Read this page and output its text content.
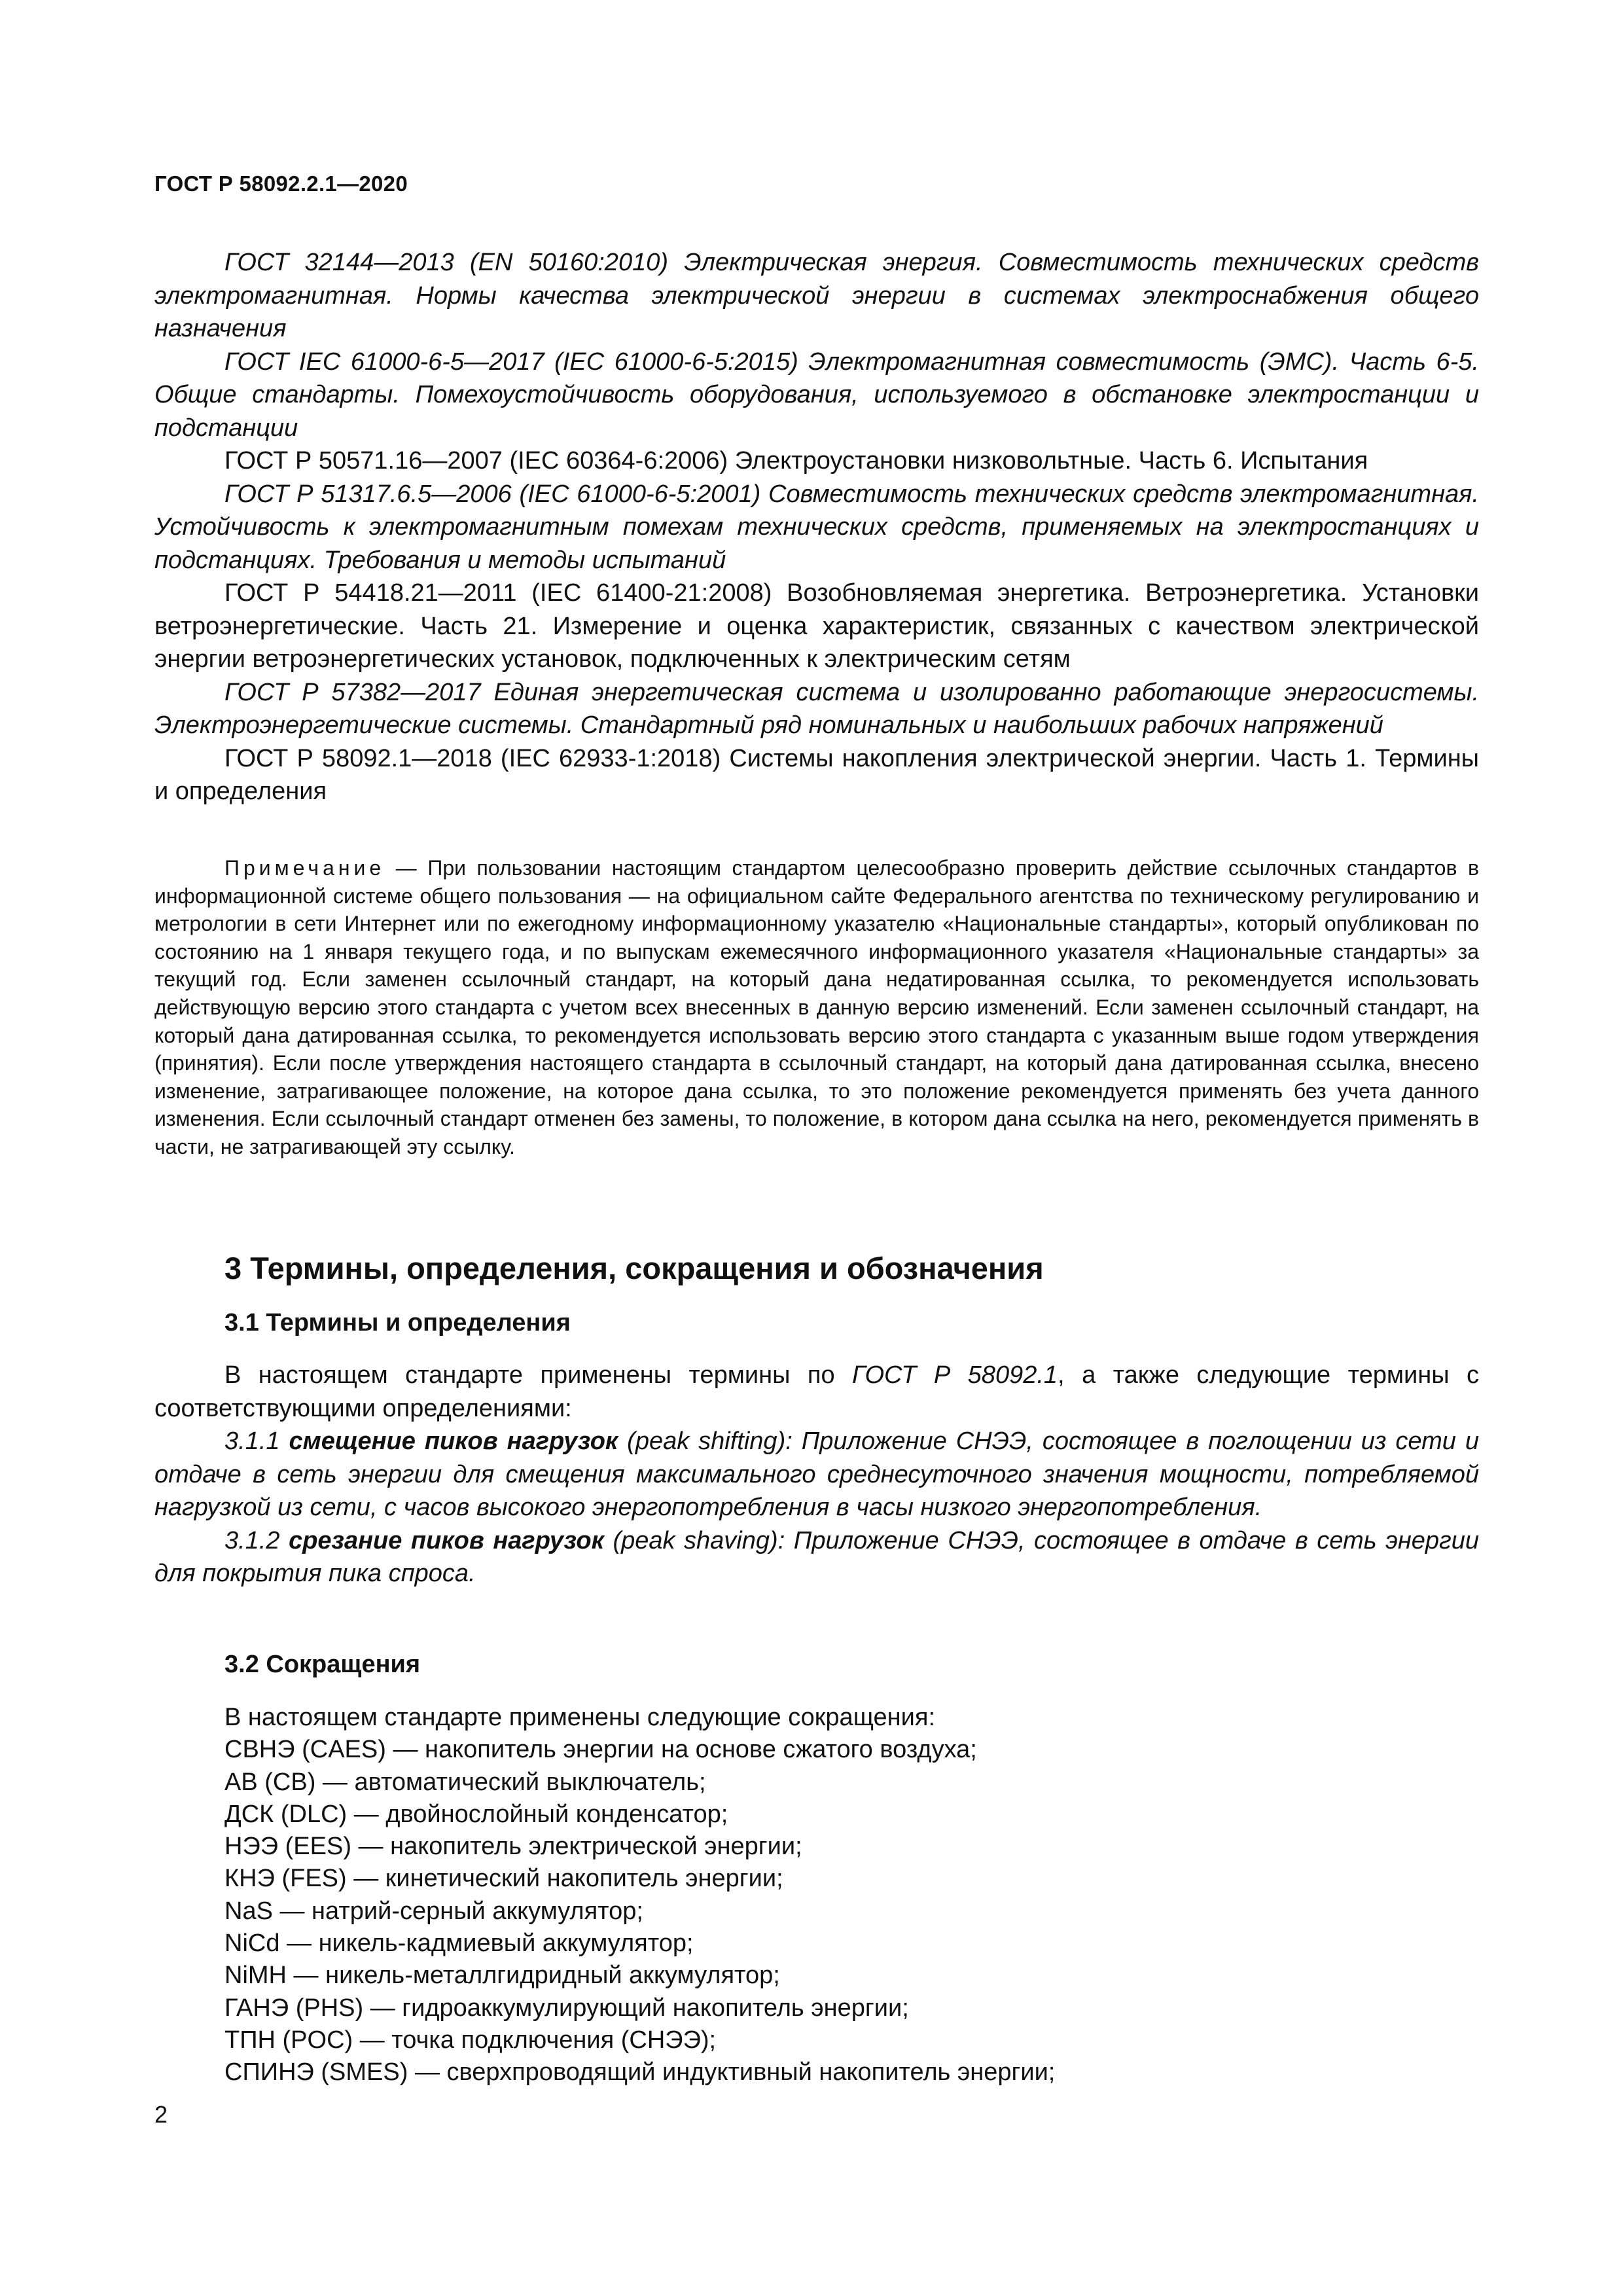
ГОСТ Р 58092.2.1—2020

ГОСТ 32144—2013 (EN 50160:2010) Электрическая энергия. Совместимость технических средств электромагнитная. Нормы качества электрической энергии в системах электроснабжения общего назначения

ГОСТ IEC 61000-6-5—2017 (IEC 61000-6-5:2015) Электромагнитная совместимость (ЭМС). Часть 6-5. Общие стандарты. Помехоустойчивость оборудования, используемого в обстановке электростанции и подстанции

ГОСТ Р 50571.16—2007 (IEC 60364-6:2006) Электроустановки низковольтные. Часть 6. Испытания

ГОСТ Р 51317.6.5—2006 (IEC 61000-6-5:2001) Совместимость технических средств электромагнитная. Устойчивость к электромагнитным помехам технических средств, применяемых на электростанциях и подстанциях. Требования и методы испытаний

ГОСТ Р 54418.21—2011 (IEC 61400-21:2008) Возобновляемая энергетика. Ветроэнергетика. Установки ветроэнергетические. Часть 21. Измерение и оценка характеристик, связанных с качеством электрической энергии ветроэнергетических установок, подключенных к электрическим сетям

ГОСТ Р 57382—2017 Единая энергетическая система и изолированно работающие энергосистемы. Электроэнергетические системы. Стандартный ряд номинальных и наибольших рабочих напряжений

ГОСТ Р 58092.1—2018 (IEC 62933-1:2018) Системы накопления электрической энергии. Часть 1. Термины и определения

Примечание — При пользовании настоящим стандартом целесообразно проверить действие ссылочных стандартов в информационной системе общего пользования — на официальном сайте Федерального агентства по техническому регулированию и метрологии в сети Интернет или по ежегодному информационному указателю «Национальные стандарты», который опубликован по состоянию на 1 января текущего года, и по выпускам ежемесячного информационного указателя «Национальные стандарты» за текущий год. Если заменен ссылочный стандарт, на который дана недатированная ссылка, то рекомендуется использовать действующую версию этого стандарта с учетом всех внесенных в данную версию изменений. Если заменен ссылочный стандарт, на который дана датированная ссылка, то рекомендуется использовать версию этого стандарта с указанным выше годом утверждения (принятия). Если после утверждения настоящего стандарта в ссылочный стандарт, на который дана датированная ссылка, внесено изменение, затрагивающее положение, на которое дана ссылка, то это положение рекомендуется применять без учета данного изменения. Если ссылочный стандарт отменен без замены, то положение, в котором дана ссылка на него, рекомендуется применять в части, не затрагивающей эту ссылку.

3 Термины, определения, сокращения и обозначения
3.1 Термины и определения

В настоящем стандарте применены термины по ГОСТ Р 58092.1, а также следующие термины с соответствующими определениями:

3.1.1 смещение пиков нагрузок (peak shifting): Приложение СНЭЭ, состоящее в поглощении из сети и отдаче в сеть энергии для смещения максимального среднесуточного значения мощности, потребляемой нагрузкой из сети, с часов высокого энергопотребления в часы низкого энергопотребления.

3.1.2 срезание пиков нагрузок (peak shaving): Приложение СНЭЭ, состоящее в отдаче в сеть энергии для покрытия пика спроса.

3.2 Сокращения
В настоящем стандарте применены следующие сокращения:
СВНЭ (CAES) — накопитель энергии на основе сжатого воздуха;
АВ (CB) — автоматический выключатель;
ДСК (DLC) — двойнослойный конденсатор;
НЭЭ (EES) — накопитель электрической энергии;
КНЭ (FES) — кинетический накопитель энергии;
NaS — натрий-серный аккумулятор;
NiCd — никель-кадмиевый аккумулятор;
NiMH — никель-металлгидридный аккумулятор;
ГАНЭ (PHS) — гидроаккумулирующий накопитель энергии;
ТПН (POC) — точка подключения (СНЭЭ);
СПИНЭ (SMES) — сверхпроводящий индуктивный накопитель энергии;
2
